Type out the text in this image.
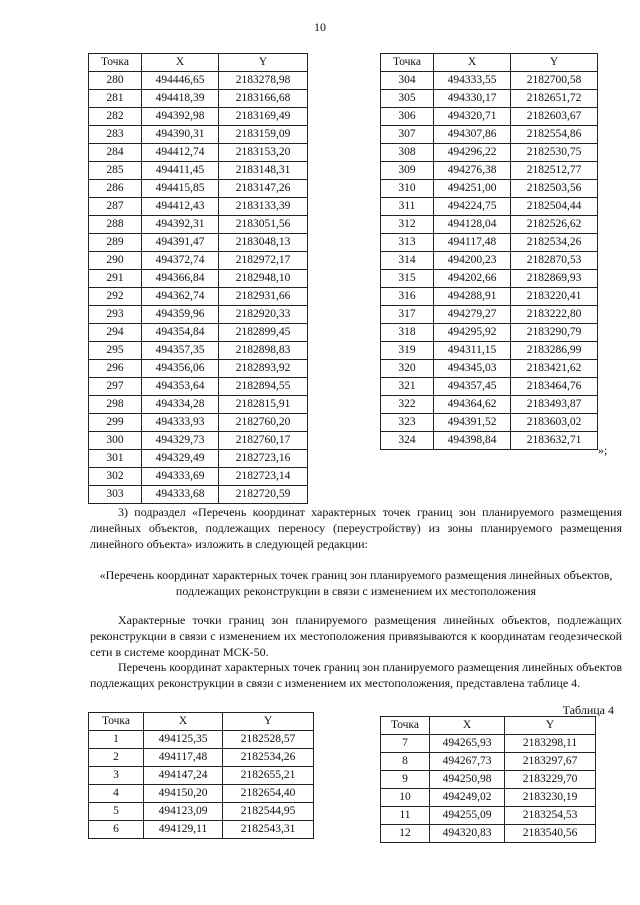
10
Точка	X	Y
280	494446,65	2183278,98
281	494418,39	2183166,68
282	494392,98	2183169,49
283	494390,31	2183159,09
284	494412,74	2183153,20
285	494411,45	2183148,31
286	494415,85	2183147,26
287	494412,43	2183133,39
288	494392,31	2183051,56
289	494391,47	2183048,13
290	494372,74	2182972,17
291	494366,84	2182948,10
292	494362,74	2182931,66
293	494359,96	2182920,33
294	494354,84	2182899,45
295	494357,35	2182898,83
296	494356,06	2182893,92
297	494353,64	2182894,55
298	494334,28	2182815,91
299	494333,93	2182760,20
300	494329,73	2182760,17
301	494329,49	2182723,16
302	494333,69	2182723,14
303	494333,68	2182720,59
Точка	X	Y
304	494333,55	2182700,58
305	494330,17	2182651,72
306	494320,71	2182603,67
307	494307,86	2182554,86
308	494296,22	2182530,75
309	494276,38	2182512,77
310	494251,00	2182503,56
311	494224,75	2182504,44
312	494128,04	2182526,62
313	494117,48	2182534,26
314	494200,23	2182870,53
315	494202,66	2182869,93
316	494288,91	2183220,41
317	494279,27	2183222,80
318	494295,92	2183290,79
319	494311,15	2183286,99
320	494345,03	2183421,62
321	494357,45	2183464,76
322	494364,62	2183493,87
323	494391,52	2183603,02
324	494398,84	2183632,71
»;
3) подраздел «Перечень координат характерных точек границ зон планируемого размещения линейных объектов, подлежащих переносу (переустройству) из зоны планируемого размещения линейного объекта» изложить в следующей редакции:
«Перечень координат характерных точек границ зон планируемого размещения линейных объектов, подлежащих реконструкции в связи с изменением их местоположения
Характерные точки границ зон планируемого размещения линейных объектов, подлежащих реконструкции в связи с изменением их местоположения привязываются к координатам геодезической сети в системе координат МСК-50.
Перечень координат характерных точек границ зон планируемого размещения линейных объектов подлежащих реконструкции в связи с изменением их местоположения, представлена таблице 4.
Таблица 4
Точка	X	Y
1	494125,35	2182528,57
2	494117,48	2182534,26
3	494147,24	2182655,21
4	494150,20	2182654,40
5	494123,09	2182544,95
6	494129,11	2182543,31
Точка	X	Y
7	494265,93	2183298,11
8	494267,73	2183297,67
9	494250,98	2183229,70
10	494249,02	2183230,19
11	494255,09	2183254,53
12	494320,83	2183540,56
